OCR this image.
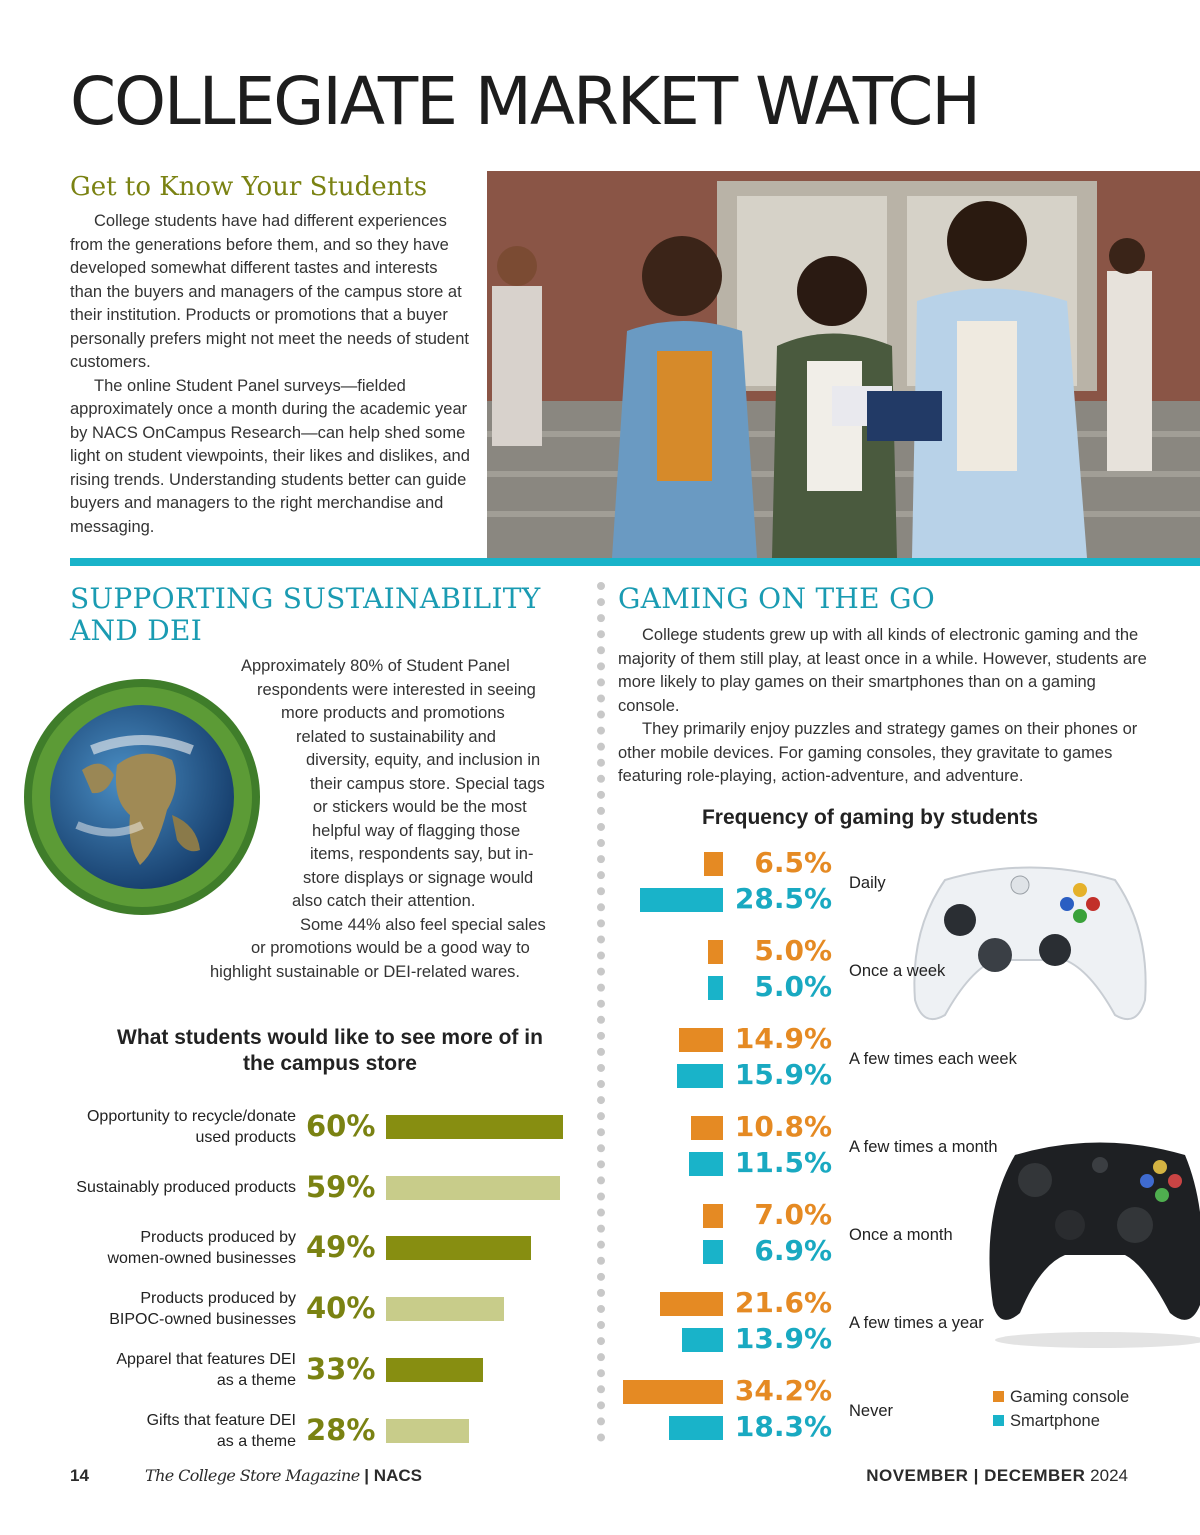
COLLEGIATE MARKET WATCH
Get to Know Your Students

College students have had different experiences from the generations before them, and so they have developed somewhat different tastes and interests than the buyers and managers of the campus store at their institution. Products or promotions that a buyer personally prefers might not meet the needs of student customers.

The online Student Panel surveys—fielded approximately once a month during the academic year by NACS OnCampus Research—can help shed some light on student viewpoints, their likes and dislikes, and rising trends. Understanding students better can guide buyers and managers to the right merchandise and messaging.

SUPPORTING SUSTAINABILITY AND DEI
Approximately 80% of Student Panel
respondents were interested in seeing
more products and promotions
related to sustainability and
diversity, equity, and inclusion in
their campus store. Special tags
or stickers would be the most
helpful way of flagging those
items, respondents say, but in-
store displays or signage would
also catch their attention.
Some 44% also feel special sales
or promotions would be a good way to
highlight sustainable or DEI-related wares.
What students would like to see more of in the campus store
Opportunity to recycle/donate
used products 60%
Sustainably produced products 59%
Products produced by
women-owned businesses 49%
Products produced by
BIPOC-owned businesses 40%
Apparel that features DEI
as a theme 33%
Gifts that feature DEI
as a theme 28%
GAMING ON THE GO

College students grew up with all kinds of electronic gaming and the majority of them still play, at least once in a while. However, students are more likely to play games on their smartphones than on a gaming console.

They primarily enjoy puzzles and strategy games on their phones or other mobile devices. For gaming consoles, they gravitate to games featuring role-playing, action-adventure, and adventure.

Frequency of gaming by students
6.5%
28.5% Daily
5.0%
5.0% Once a week
14.9%
15.9% A few times each week
10.8%
11.5% A few times a month
7.0%
6.9% Once a month
21.6%
13.9% A few times a year
34.2%
18.3% Never
Gaming console
Smartphone
14	The College Store Magazine | NACS	NOVEMBER | DECEMBER 2024
